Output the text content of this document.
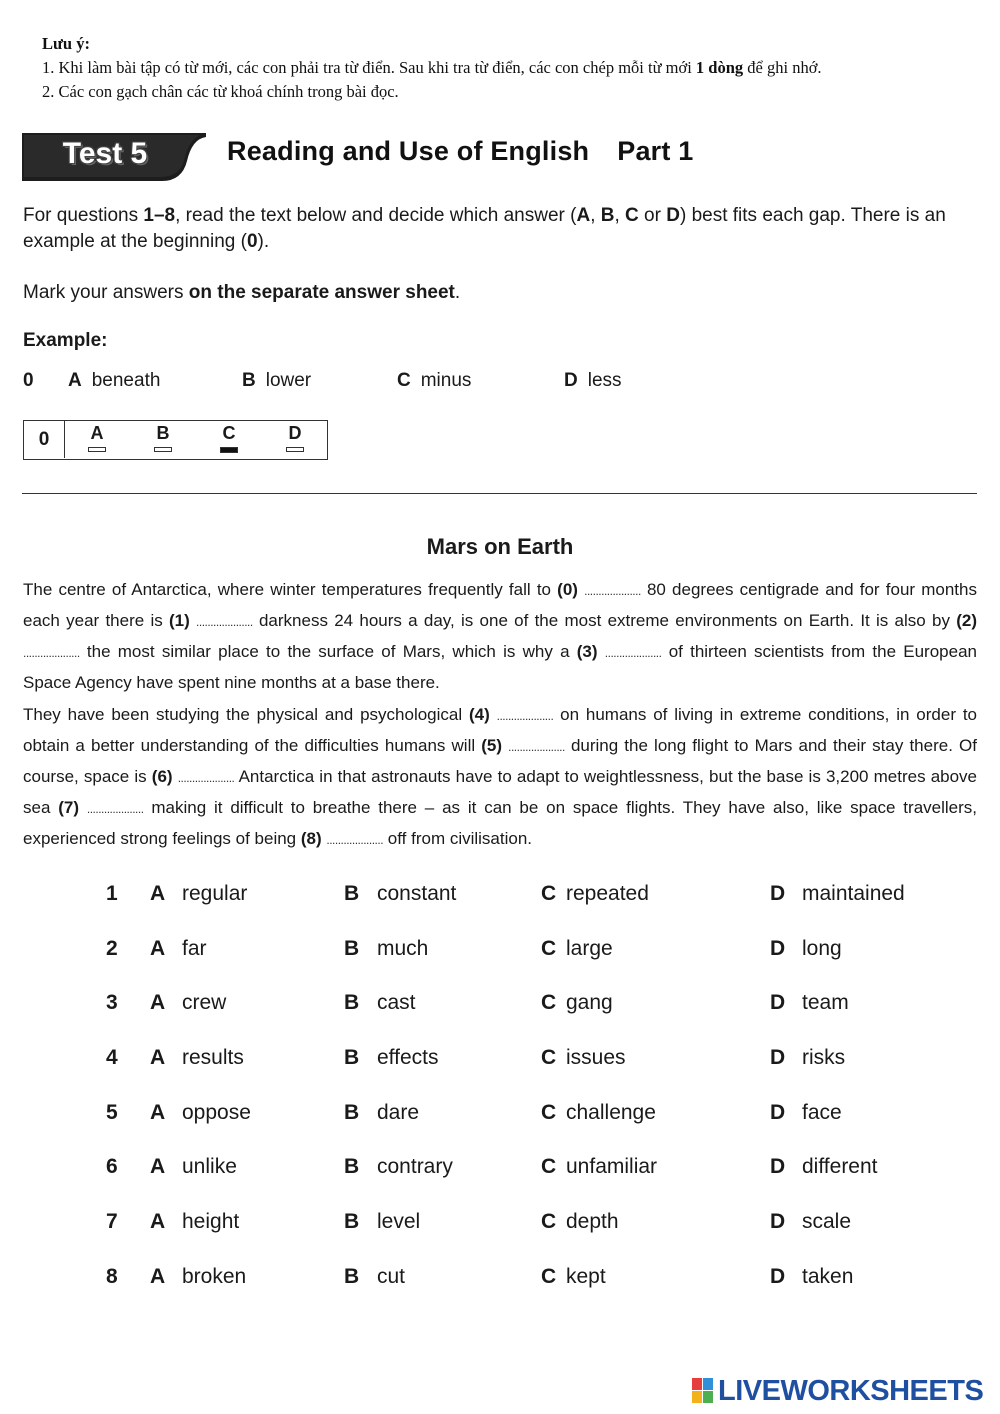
Lưu ý:
1. Khi làm bài tập có từ mới, các con phải tra từ điển. Sau khi tra từ điển, các con chép mỗi từ mới 1 dòng để ghi nhớ.
2. Các con gạch chân các từ khoá chính trong bài đọc.
Test 5	Reading and Use of English Part 1
For questions 1–8, read the text below and decide which answer (A, B, C or D) best fits each gap. There is an example at the beginning (0).
Mark your answers on the separate answer sheet.
Example:
0 A beneath	B lower	C minus	D less
0	A	B	C	D
Mars on Earth
The centre of Antarctica, where winter temperatures frequently fall to (0) .................... 80 degrees centigrade and for four months each year there is (1) .................... darkness 24 hours a day, is one of the most extreme environments on Earth. It is also by (2) .................... the most similar place to the surface of Mars, which is why a (3) .................... of thirteen scientists from the European Space Agency have spent nine months at a base there.
They have been studying the physical and psychological (4) .................... on humans of living in extreme conditions, in order to obtain a better understanding of the difficulties humans will (5) .................... during the long flight to Mars and their stay there. Of course, space is (6) .................... Antarctica in that astronauts have to adapt to weightlessness, but the base is 3,200 metres above sea (7) .................... making it difficult to breathe there – as it can be on space flights. They have also, like space travellers, experienced strong feelings of being (8) .................... off from civilisation.
1 A regular	B constant	C repeated	D maintained
2 A far	B much	C large	D long
3 A crew	B cast	C gang	D team
4 A results	B effects	C issues	D risks
5 A oppose	B dare	C challenge	D face
6 A unlike	B contrary	C unfamiliar	D different
7 A height	B level	C depth	D scale
8 A broken	B cut	C kept	D taken
LIVEWORKSHEETS
